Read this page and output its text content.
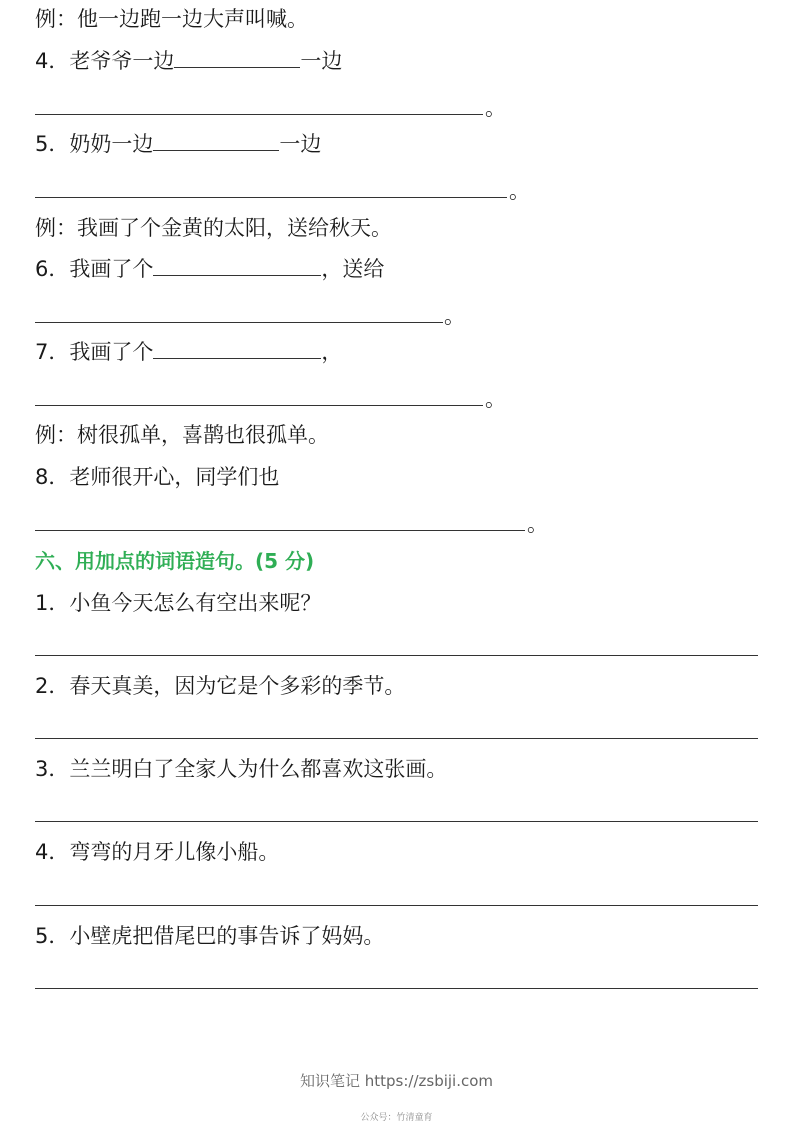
例：他一边跑一边大声叫喊。
4．老爷爷一边	一边
。
5．奶奶一边	一边
。
例：我画了个金黄的太阳，送给秋天。
6．我画了个	，送给
。
7．我画了个	，
。
例：树很孤单，喜鹊也很孤单。
8．老师很开心，同学们也
。
六、用加点的词语造句。(5 分)
1．小鱼今天怎么有空出来呢？
2．春天真美，因为它是个多彩的季节。
3．兰兰明白了全家人为什么都喜欢这张画。
4．弯弯的月牙儿像小船。
5．小壁虎把借尾巴的事告诉了妈妈。
知识笔记 https://zsbiji.com
公众号：竹清童育
